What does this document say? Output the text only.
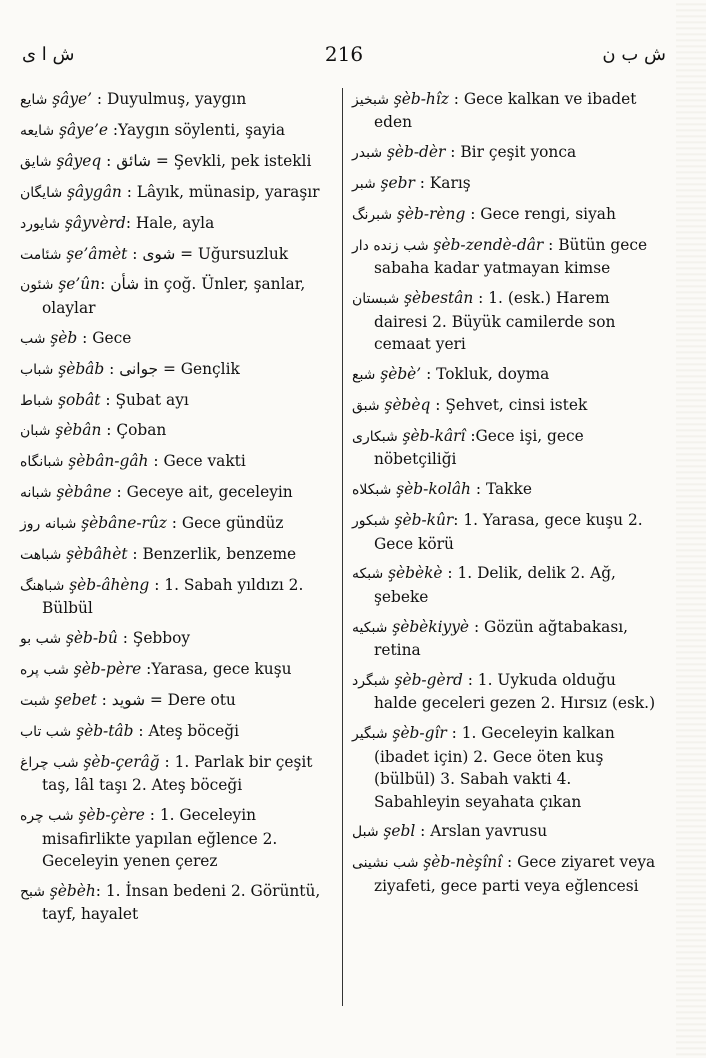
ش ا ى	216	ش ب ن
شايع şâye’ : Duyulmuş, yaygın
شايعه şâye’e :Yaygın söylenti, şayia
شايق şâyeq : شائق = Şevkli, pek istekli
شايگان şâygân : Lâyık, münasip, yaraşır
شايورد şâyvèrd: Hale, ayla
شئامت şe’âmèt : شوی = Uğursuzluk
شئون şe’ûn: شأن in çoğ. Ünler, şanlar, olaylar
شب şèb : Gece
شباب şèbâb : جوانی = Gençlik
شباط şobât : Şubat ayı
شبان şèbân : Çoban
شبانگاه şèbân-gâh : Gece vakti
شبانه şèbâne : Geceye ait, geceleyin
شبانه روز şèbâne-rûz : Gece gündüz
شباهت şèbâhèt : Benzerlik, benzeme
شباهنگ şèb-âhèng : 1. Sabah yıldızı 2. Bülbül
شب بو şèb-bû : Şebboy
شب پره şèb-père :Yarasa, gece kuşu
شبت şebet : شوید = Dere otu
شب تاب şèb-tâb : Ateş böceği
شب چراغ şèb-çerâğ : 1. Parlak bir çeşit taş, lâl taşı 2. Ateş böceği
شب چره şèb-çère : 1. Geceleyin misafirlikte yapılan eğlence 2. Geceleyin yenen çerez
شبح şèbèh: 1. İnsan bedeni 2. Görüntü, tayf, hayalet
شبخيز şèb-hîz : Gece kalkan ve ibadet eden
شبدر şèb-dèr : Bir çeşit yonca
شبر şebr : Karış
شبرنگ şèb-rèng : Gece rengi, siyah
شب زنده دار şèb-zendè-dâr : Bütün gece sabaha kadar yatmayan kimse
شبستان şèbestân : 1. (esk.) Harem dairesi 2. Büyük camilerde son cemaat yeri
شبع şèbè’ : Tokluk, doyma
شبق şèbèq : Şehvet, cinsi istek
شبكارى şèb-kârî :Gece işi, gece nöbetçiliği
شبكلاه şèb-kolâh : Takke
شبكور şèb-kûr: 1. Yarasa, gece kuşu 2. Gece körü
شبكه şèbèkè : 1. Delik, delik 2. Ağ, şebeke
شبكيه şèbèkiyyè : Gözün ağtabakası, retina
شبگرد şèb-gèrd : 1. Uykuda olduğu halde geceleri gezen 2. Hırsız (esk.)
شبگير şèb-gîr : 1. Geceleyin kalkan (ibadet için) 2. Gece öten kuş (bülbül) 3. Sabah vakti 4. Sabahleyin seyahata çıkan
شبل şebl : Arslan yavrusu
شب نشينى şèb-nèşînî : Gece ziyaret veya ziyafeti, gece parti veya eğlencesi
